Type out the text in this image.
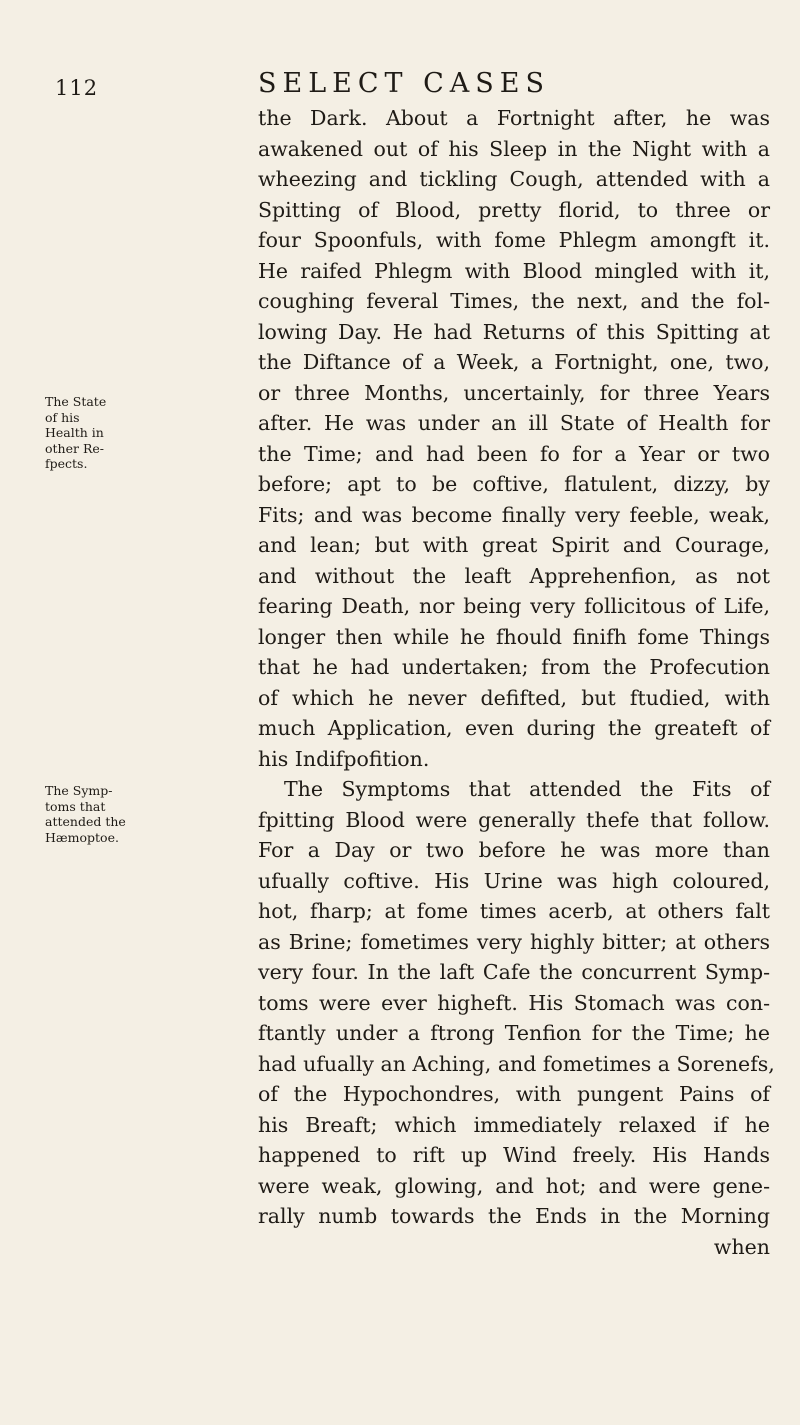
112	SELECT CASES
The State
of his
Health in
other Re-
fpects.
The Symp-
toms that
attended the
Hæmoptoe.
the Dark. About a Fortnight after, he was
awakened out of his Sleep in the Night with a
wheezing and tickling Cough, attended with a
Spitting of Blood, pretty florid, to three or
four Spoonfuls, with fome Phlegm amongft it.
He raifed Phlegm with Blood mingled with it,
coughing feveral Times, the next, and the fol-
lowing Day. He had Returns of this Spitting at
the Diftance of a Week, a Fortnight, one, two,
or three Months, uncertainly, for three Years
after. He was under an ill State of Health for
the Time; and had been fo for a Year or two
before; apt to be coftive, flatulent, dizzy, by
Fits; and was become finally very feeble, weak,
and lean; but with great Spirit and Courage,
and without the leaft Apprehenfion, as not
fearing Death, nor being very follicitous of Life,
longer then while he fhould finifh fome Things
that he had undertaken; from the Profecution
of which he never defifted, but ftudied, with
much Application, even during the greateft of
his Indifpofition.
The Symptoms that attended the Fits of
fpitting Blood were generally thefe that follow.
For a Day or two before he was more than
ufually coftive. His Urine was high coloured,
hot, fharp; at fome times acerb, at others falt
as Brine; fometimes very highly bitter; at others
very four. In the laft Cafe the concurrent Symp-
toms were ever higheft. His Stomach was con-
ftantly under a ftrong Tenfion for the Time; he
had ufually an Aching, and fometimes a Sorenefs,
of the Hypochondres, with pungent Pains of
his Breaft; which immediately relaxed if he
happened to rift up Wind freely. His Hands
were weak, glowing, and hot; and were gene-
rally numb towards the Ends in the Morning
when
